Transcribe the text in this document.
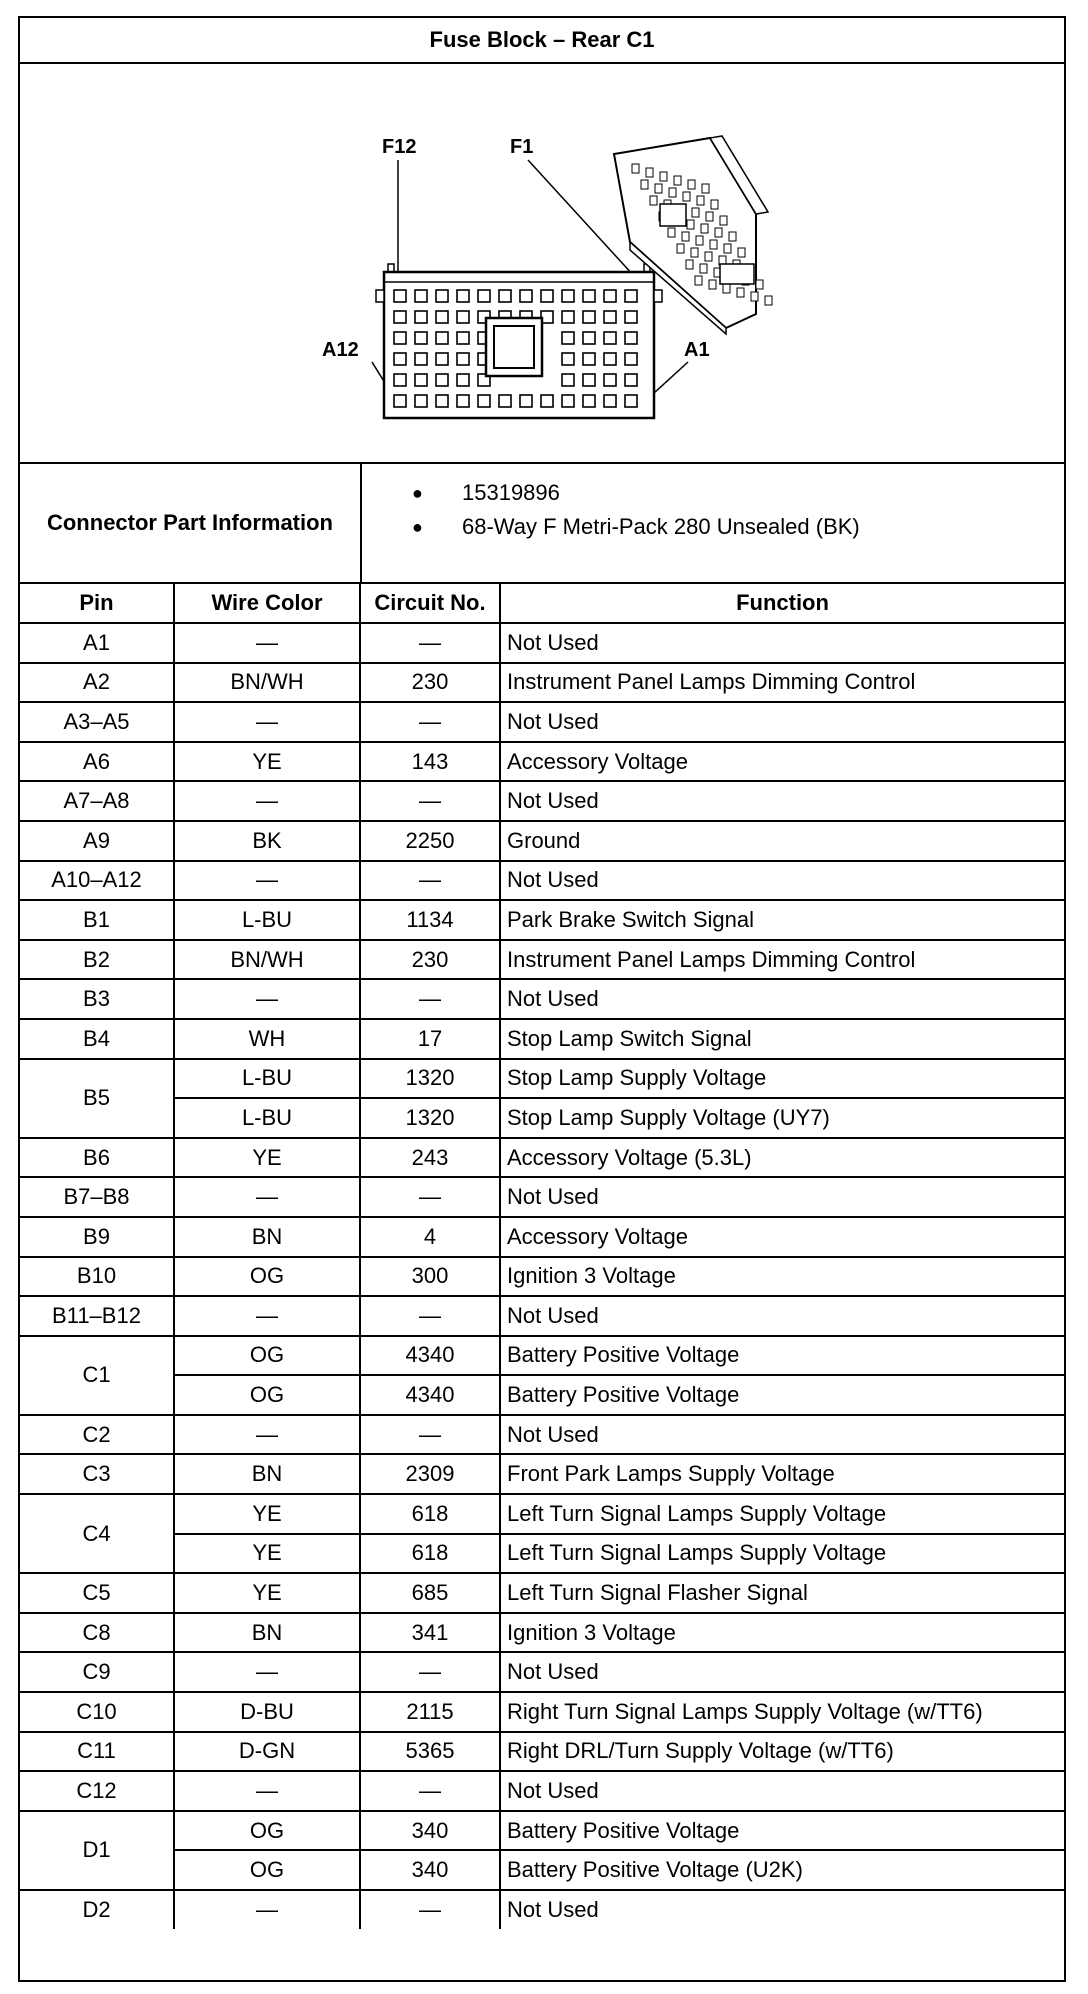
Fuse Block – Rear C1
F12	F1
A12	A1
Connector Part Information
●	15319896
●	68-Way F Metri-Pack 280 Unsealed (BK)
Pin	Wire Color	Circuit No.	Function
A1	—	—	Not Used
A2	BN/WH	230	Instrument Panel Lamps Dimming Control
A3–A5	—	—	Not Used
A6	YE	143	Accessory Voltage
A7–A8	—	—	Not Used
A9	BK	2250	Ground
A10–A12	—	—	Not Used
B1	L-BU	1134	Park Brake Switch Signal
B2	BN/WH	230	Instrument Panel Lamps Dimming Control
B3	—	—	Not Used
B4	WH	17	Stop Lamp Switch Signal
B5	L-BU	1320	Stop Lamp Supply Voltage
	L-BU	1320	Stop Lamp Supply Voltage (UY7)
B6	YE	243	Accessory Voltage (5.3L)
B7–B8	—	—	Not Used
B9	BN	4	Accessory Voltage
B10	OG	300	Ignition 3 Voltage
B11–B12	—	—	Not Used
C1	OG	4340	Battery Positive Voltage
	OG	4340	Battery Positive Voltage
C2	—	—	Not Used
C3	BN	2309	Front Park Lamps Supply Voltage
C4	YE	618	Left Turn Signal Lamps Supply Voltage
	YE	618	Left Turn Signal Lamps Supply Voltage
C5	YE	685	Left Turn Signal Flasher Signal
C8	BN	341	Ignition 3 Voltage
C9	—	—	Not Used
C10	D-BU	2115	Right Turn Signal Lamps Supply Voltage (w/TT6)
C11	D-GN	5365	Right DRL/Turn Supply Voltage (w/TT6)
C12	—	—	Not Used
D1	OG	340	Battery Positive Voltage
	OG	340	Battery Positive Voltage (U2K)
D2	—	—	Not Used
